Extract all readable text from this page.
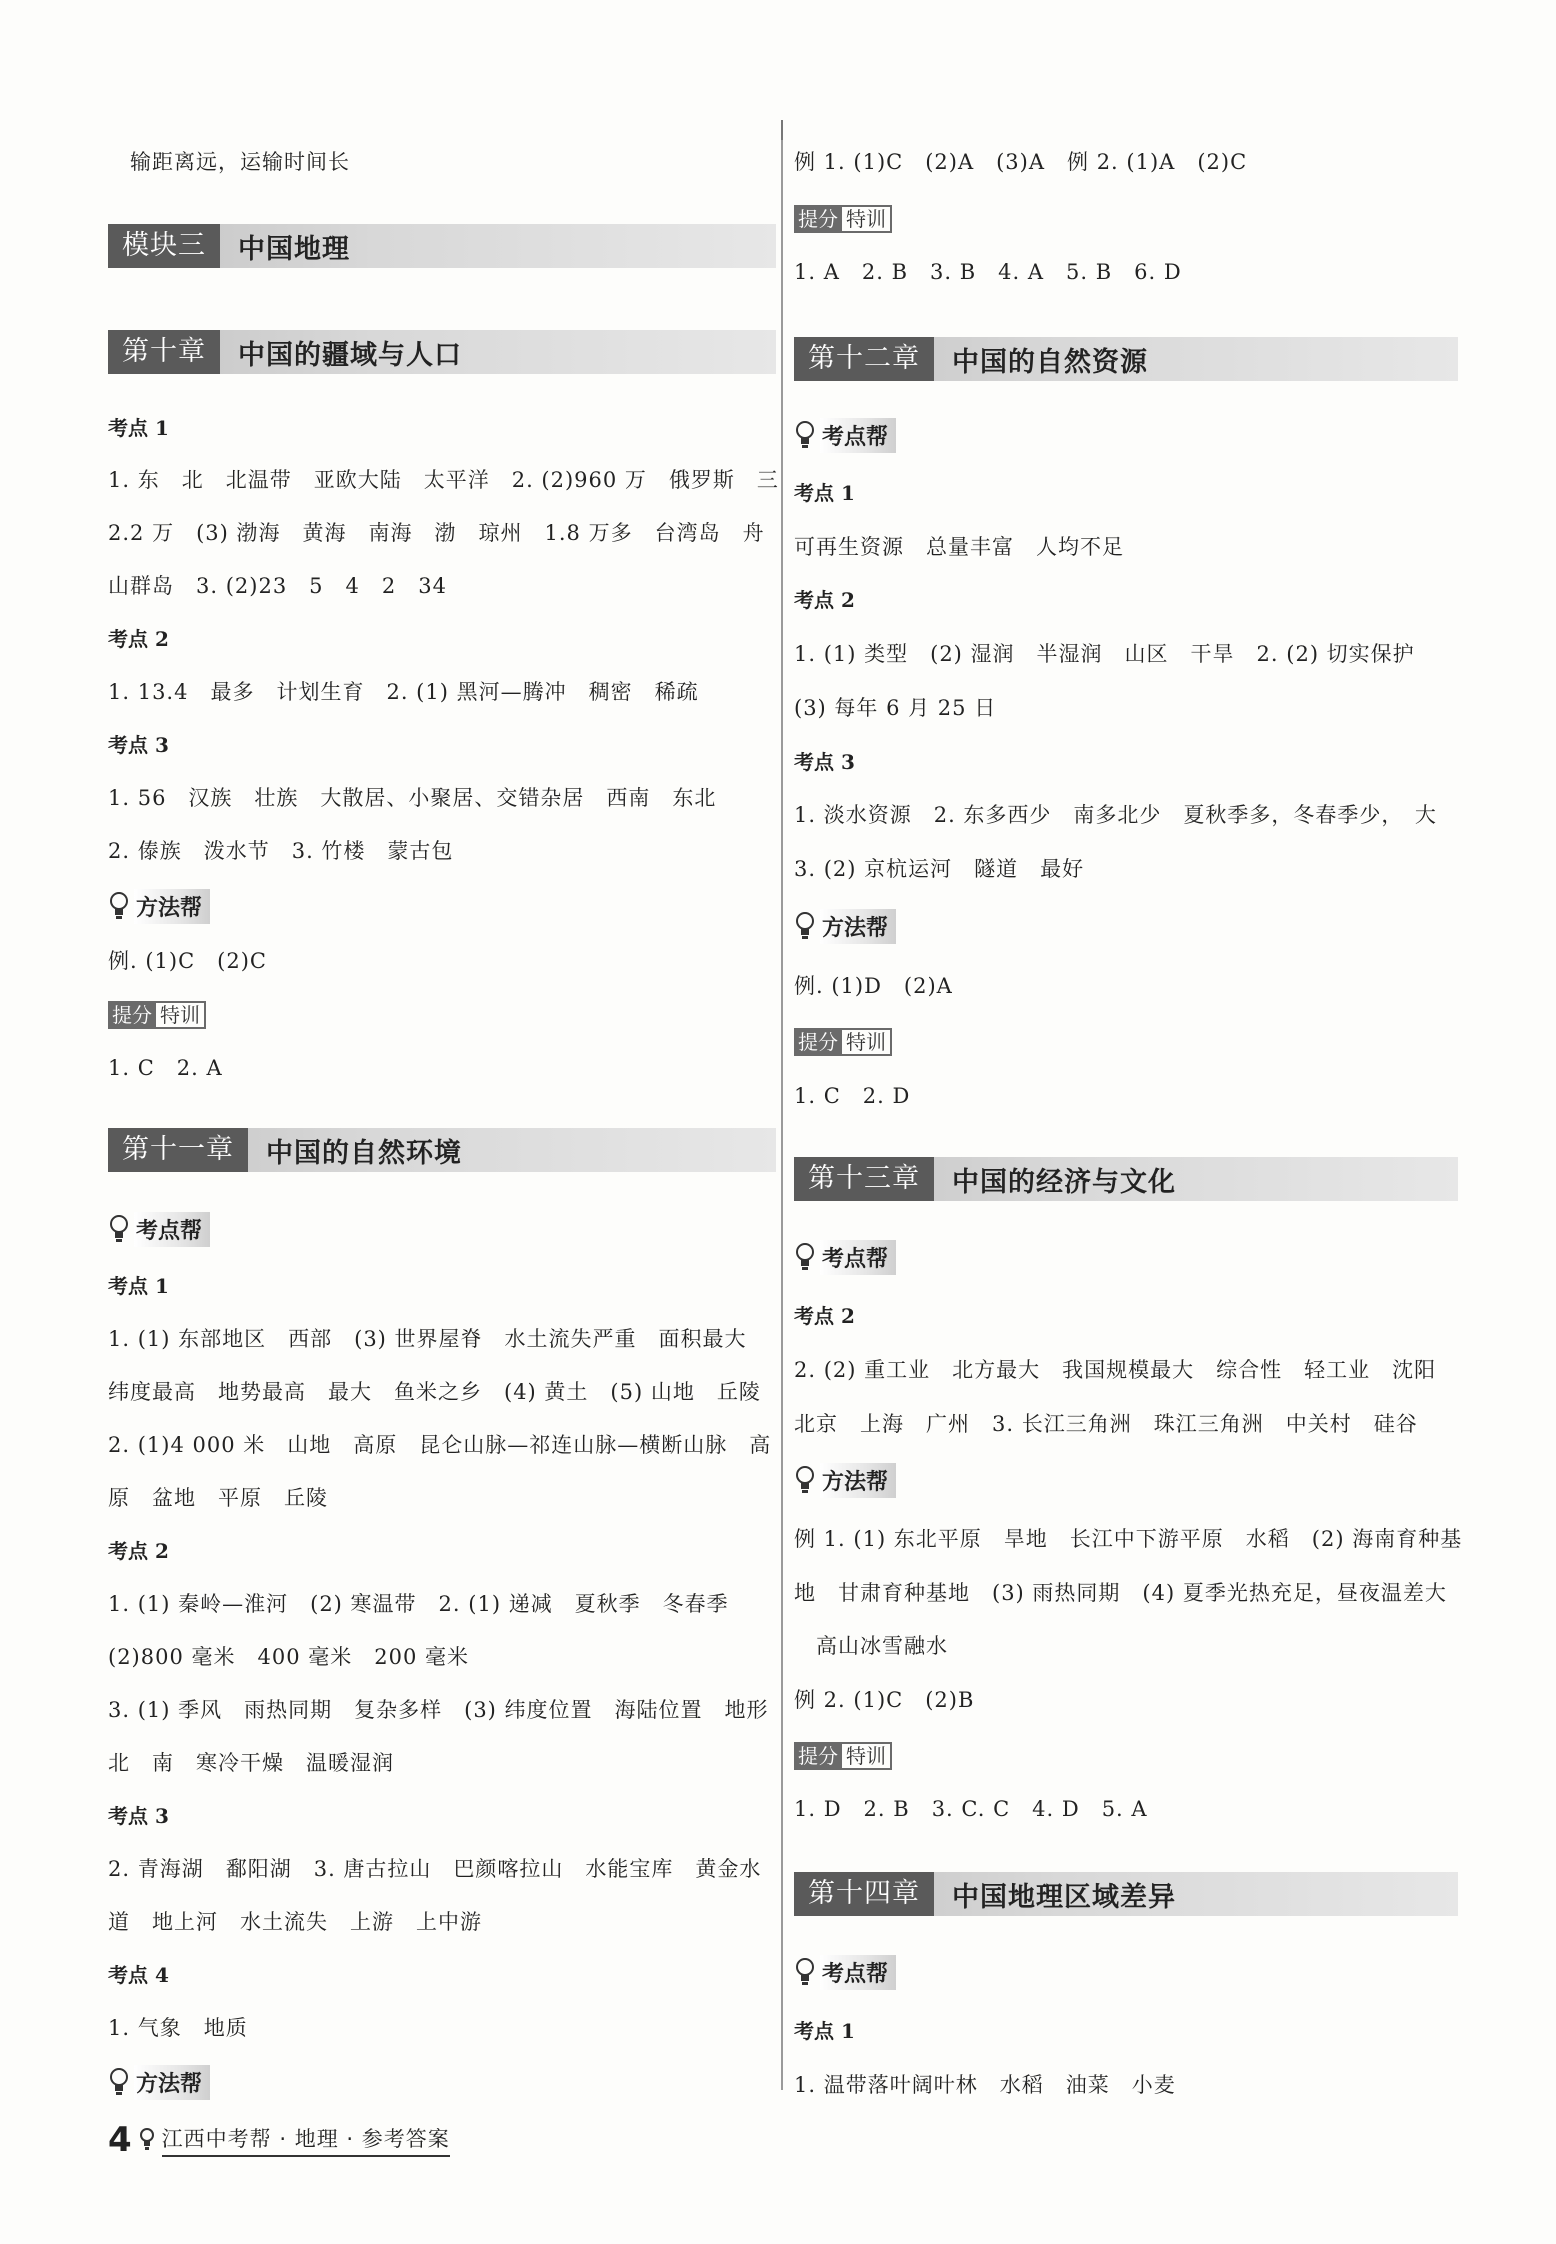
输距离远，运输时间长
模块三	中国地理
第十章	中国的疆域与人口
考点 1
1. 东　北　北温带　亚欧大陆　太平洋　2. (2)960 万　俄罗斯　三
2.2 万　(3) 渤海　黄海　南海　渤　琼州　1.8 万多　台湾岛　舟
山群岛　3. (2)23　5　4　2　34
考点 2
1. 13.4　最多　计划生育　2. (1) 黑河—腾冲　稠密　稀疏
考点 3
1. 56　汉族　壮族　大散居、小聚居、交错杂居　西南　东北
2. 傣族　泼水节　3. 竹楼　蒙古包
方法帮
例. (1)C　(2)C
提分 特训
1. C　2. A
第十一章	中国的自然环境
考点帮
考点 1
1. (1) 东部地区　西部　(3) 世界屋脊　水土流失严重　面积最大
纬度最高　地势最高　最大　鱼米之乡　(4) 黄土　(5) 山地　丘陵
2. (1)4 000 米　山地　高原　昆仑山脉—祁连山脉—横断山脉　高
原　盆地　平原　丘陵
考点 2
1. (1) 秦岭—淮河　(2) 寒温带　2. (1) 递减　夏秋季　冬春季
(2)800 毫米　400 毫米　200 毫米
3. (1) 季风　雨热同期　复杂多样　(3) 纬度位置　海陆位置　地形
北　南　寒冷干燥　温暖湿润
考点 3
2. 青海湖　鄱阳湖　3. 唐古拉山　巴颜喀拉山　水能宝库　黄金水
道　地上河　水土流失　上游　上中游
考点 4
1. 气象　地质
方法帮
例 1. (1)C　(2)A　(3)A　例 2. (1)A　(2)C
提分 特训
1. A　2. B　3. B　4. A　5. B　6. D
第十二章	中国的自然资源
考点帮
考点 1
可再生资源　总量丰富　人均不足
考点 2
1. (1) 类型　(2) 湿润　半湿润　山区　干旱　2. (2) 切实保护
(3) 每年 6 月 25 日
考点 3
1. 淡水资源　2. 东多西少　南多北少　夏秋季多，冬春季少，　大
3. (2) 京杭运河　隧道　最好
方法帮
例. (1)D　(2)A
提分 特训
1. C　2. D
第十三章	中国的经济与文化
考点帮
考点 2
2. (2) 重工业　北方最大　我国规模最大　综合性　轻工业　沈阳
北京　上海　广州　3. 长江三角洲　珠江三角洲　中关村　硅谷
方法帮
例 1. (1) 东北平原　旱地　长江中下游平原　水稻　(2) 海南育种基
地　甘肃育种基地　(3) 雨热同期　(4) 夏季光热充足，昼夜温差大
　高山冰雪融水
例 2. (1)C　(2)B
提分 特训
1. D　2. B　3. C. C　4. D　5. A
第十四章	中国地理区域差异
考点帮
考点 1
1. 温带落叶阔叶林　水稻　油菜　小麦
4 江西中考帮 · 地理 · 参考答案
